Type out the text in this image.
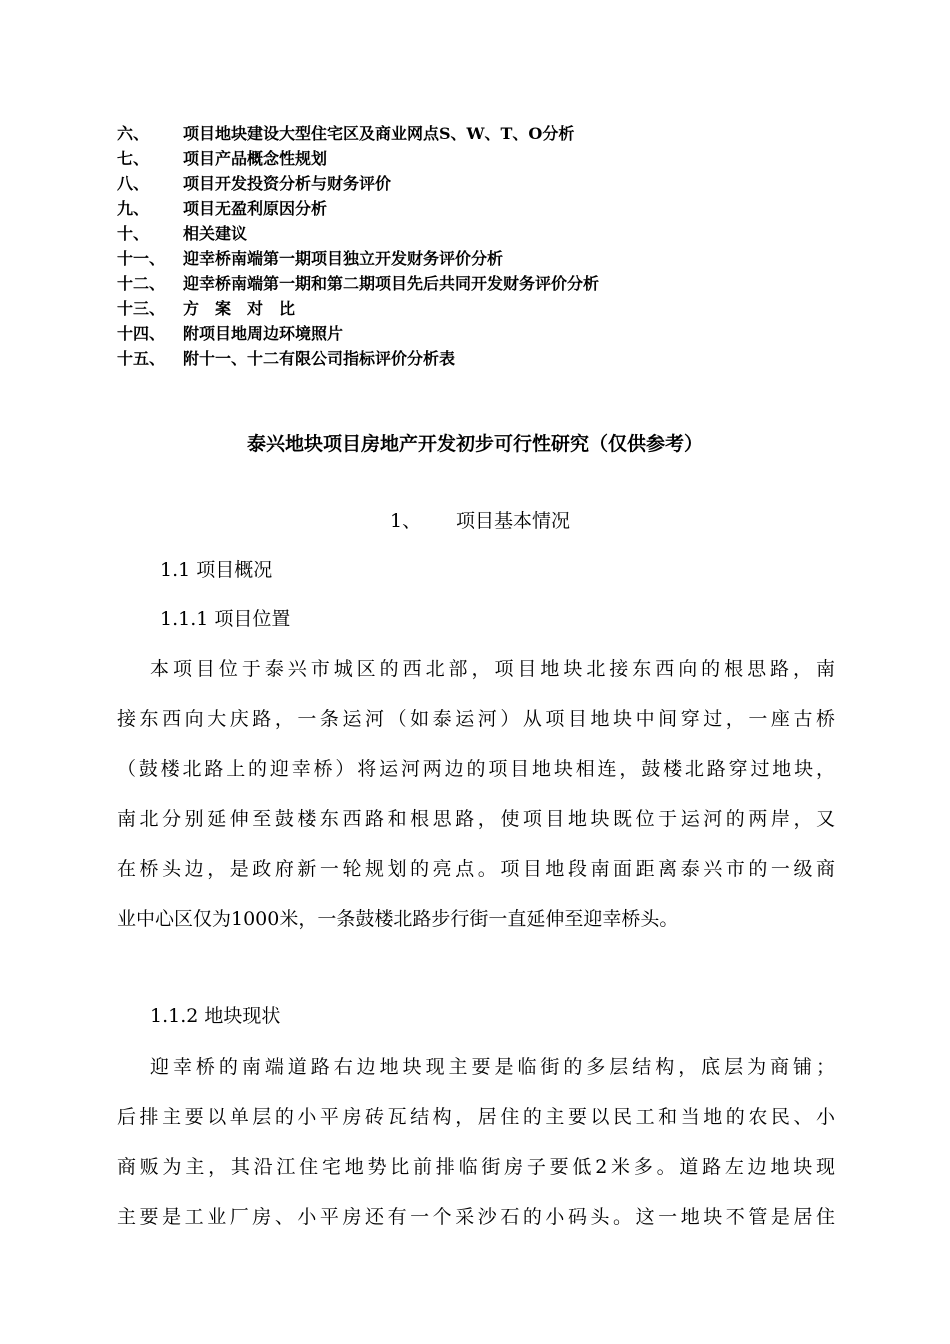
六、 项目地块建设大型住宅区及商业网点S、W、T、O分析
七、 项目产品概念性规划
八、 项目开发投资分析与财务评价
九、 项目无盈利原因分析
十、 相关建议
十一、 迎幸桥南端第一期项目独立开发财务评价分析
十二、 迎幸桥南端第一期和第二期项目先后共同开发财务评价分析
十三、 方　案　对　比
十四、 附项目地周边环境照片
十五、 附十一、十二有限公司指标评价分析表
泰兴地块项目房地产开发初步可行性研究（仅供参考）
1、 项目基本情况
1.1 项目概况
1.1.1 项目位置
本项目位于泰兴市城区的西北部，项目地块北接东西向的根思路，南
接东西向大庆路，一条运河（如泰运河）从项目地块中间穿过，一座古桥
（鼓楼北路上的迎幸桥）将运河两边的项目地块相连，鼓楼北路穿过地块，
南北分别延伸至鼓楼东西路和根思路，使项目地块既位于运河的两岸，又
在桥头边，是政府新一轮规划的亮点。项目地段南面距离泰兴市的一级商
业中心区仅为1000米，一条鼓楼北路步行街一直延伸至迎幸桥头。
1.1.2 地块现状
迎幸桥的南端道路右边地块现主要是临街的多层结构，底层为商铺；
后排主要以单层的小平房砖瓦结构，居住的主要以民工和当地的农民、小
商贩为主，其沿江住宅地势比前排临街房子要低2米多。道路左边地块现
主要是工业厂房、小平房还有一个采沙石的小码头。这一地块不管是居住
